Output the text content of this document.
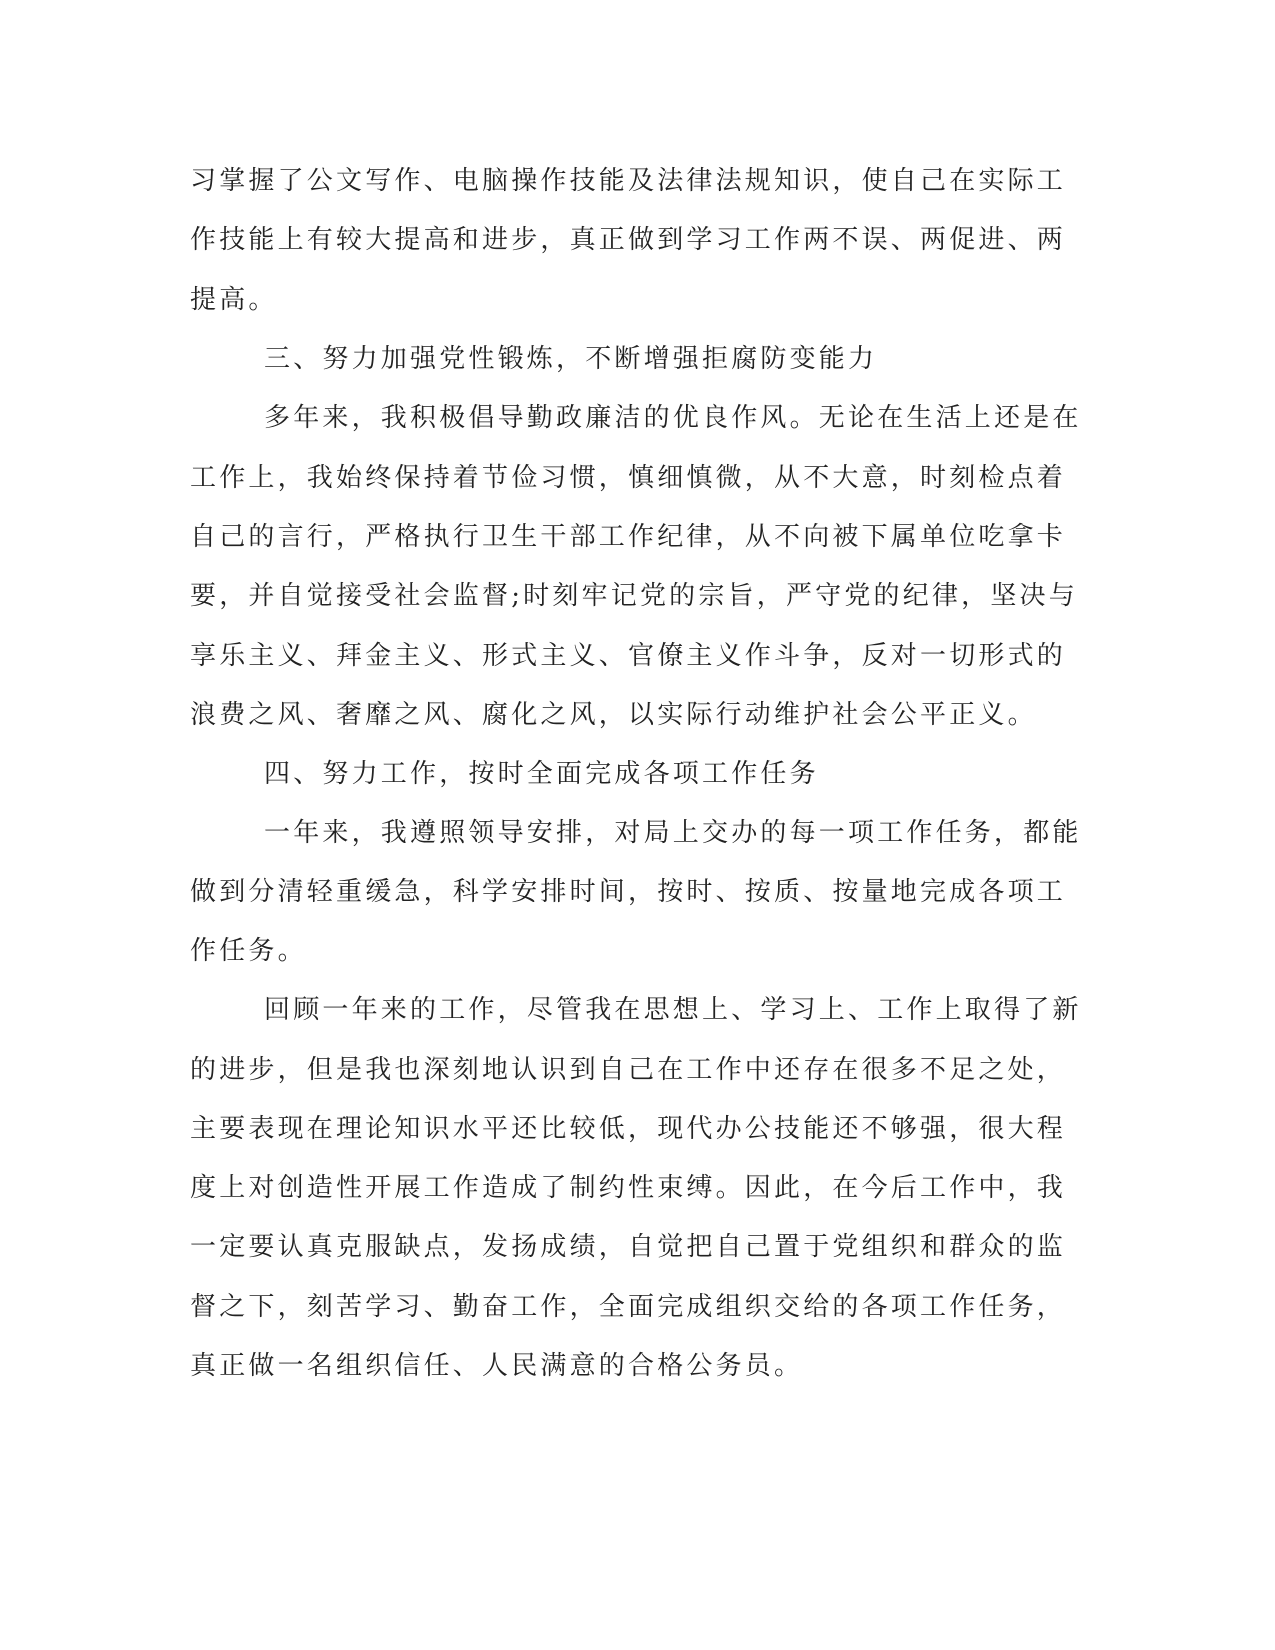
习掌握了公文写作、电脑操作技能及法律法规知识，使自己在实际工
作技能上有较大提高和进步，真正做到学习工作两不误、两促进、两
提高。
三、努力加强党性锻炼，不断增强拒腐防变能力
多年来，我积极倡导勤政廉洁的优良作风。无论在生活上还是在
工作上，我始终保持着节俭习惯，慎细慎微，从不大意，时刻检点着
自己的言行，严格执行卫生干部工作纪律，从不向被下属单位吃拿卡
要，并自觉接受社会监督;时刻牢记党的宗旨，严守党的纪律，坚决与
享乐主义、拜金主义、形式主义、官僚主义作斗争，反对一切形式的
浪费之风、奢靡之风、腐化之风，以实际行动维护社会公平正义。
四、努力工作，按时全面完成各项工作任务
一年来，我遵照领导安排，对局上交办的每一项工作任务，都能
做到分清轻重缓急，科学安排时间，按时、按质、按量地完成各项工
作任务。
回顾一年来的工作，尽管我在思想上、学习上、工作上取得了新
的进步，但是我也深刻地认识到自己在工作中还存在很多不足之处，
主要表现在理论知识水平还比较低，现代办公技能还不够强，很大程
度上对创造性开展工作造成了制约性束缚。因此，在今后工作中，我
一定要认真克服缺点，发扬成绩，自觉把自己置于党组织和群众的监
督之下，刻苦学习、勤奋工作，全面完成组织交给的各项工作任务，
真正做一名组织信任、人民满意的合格公务员。
